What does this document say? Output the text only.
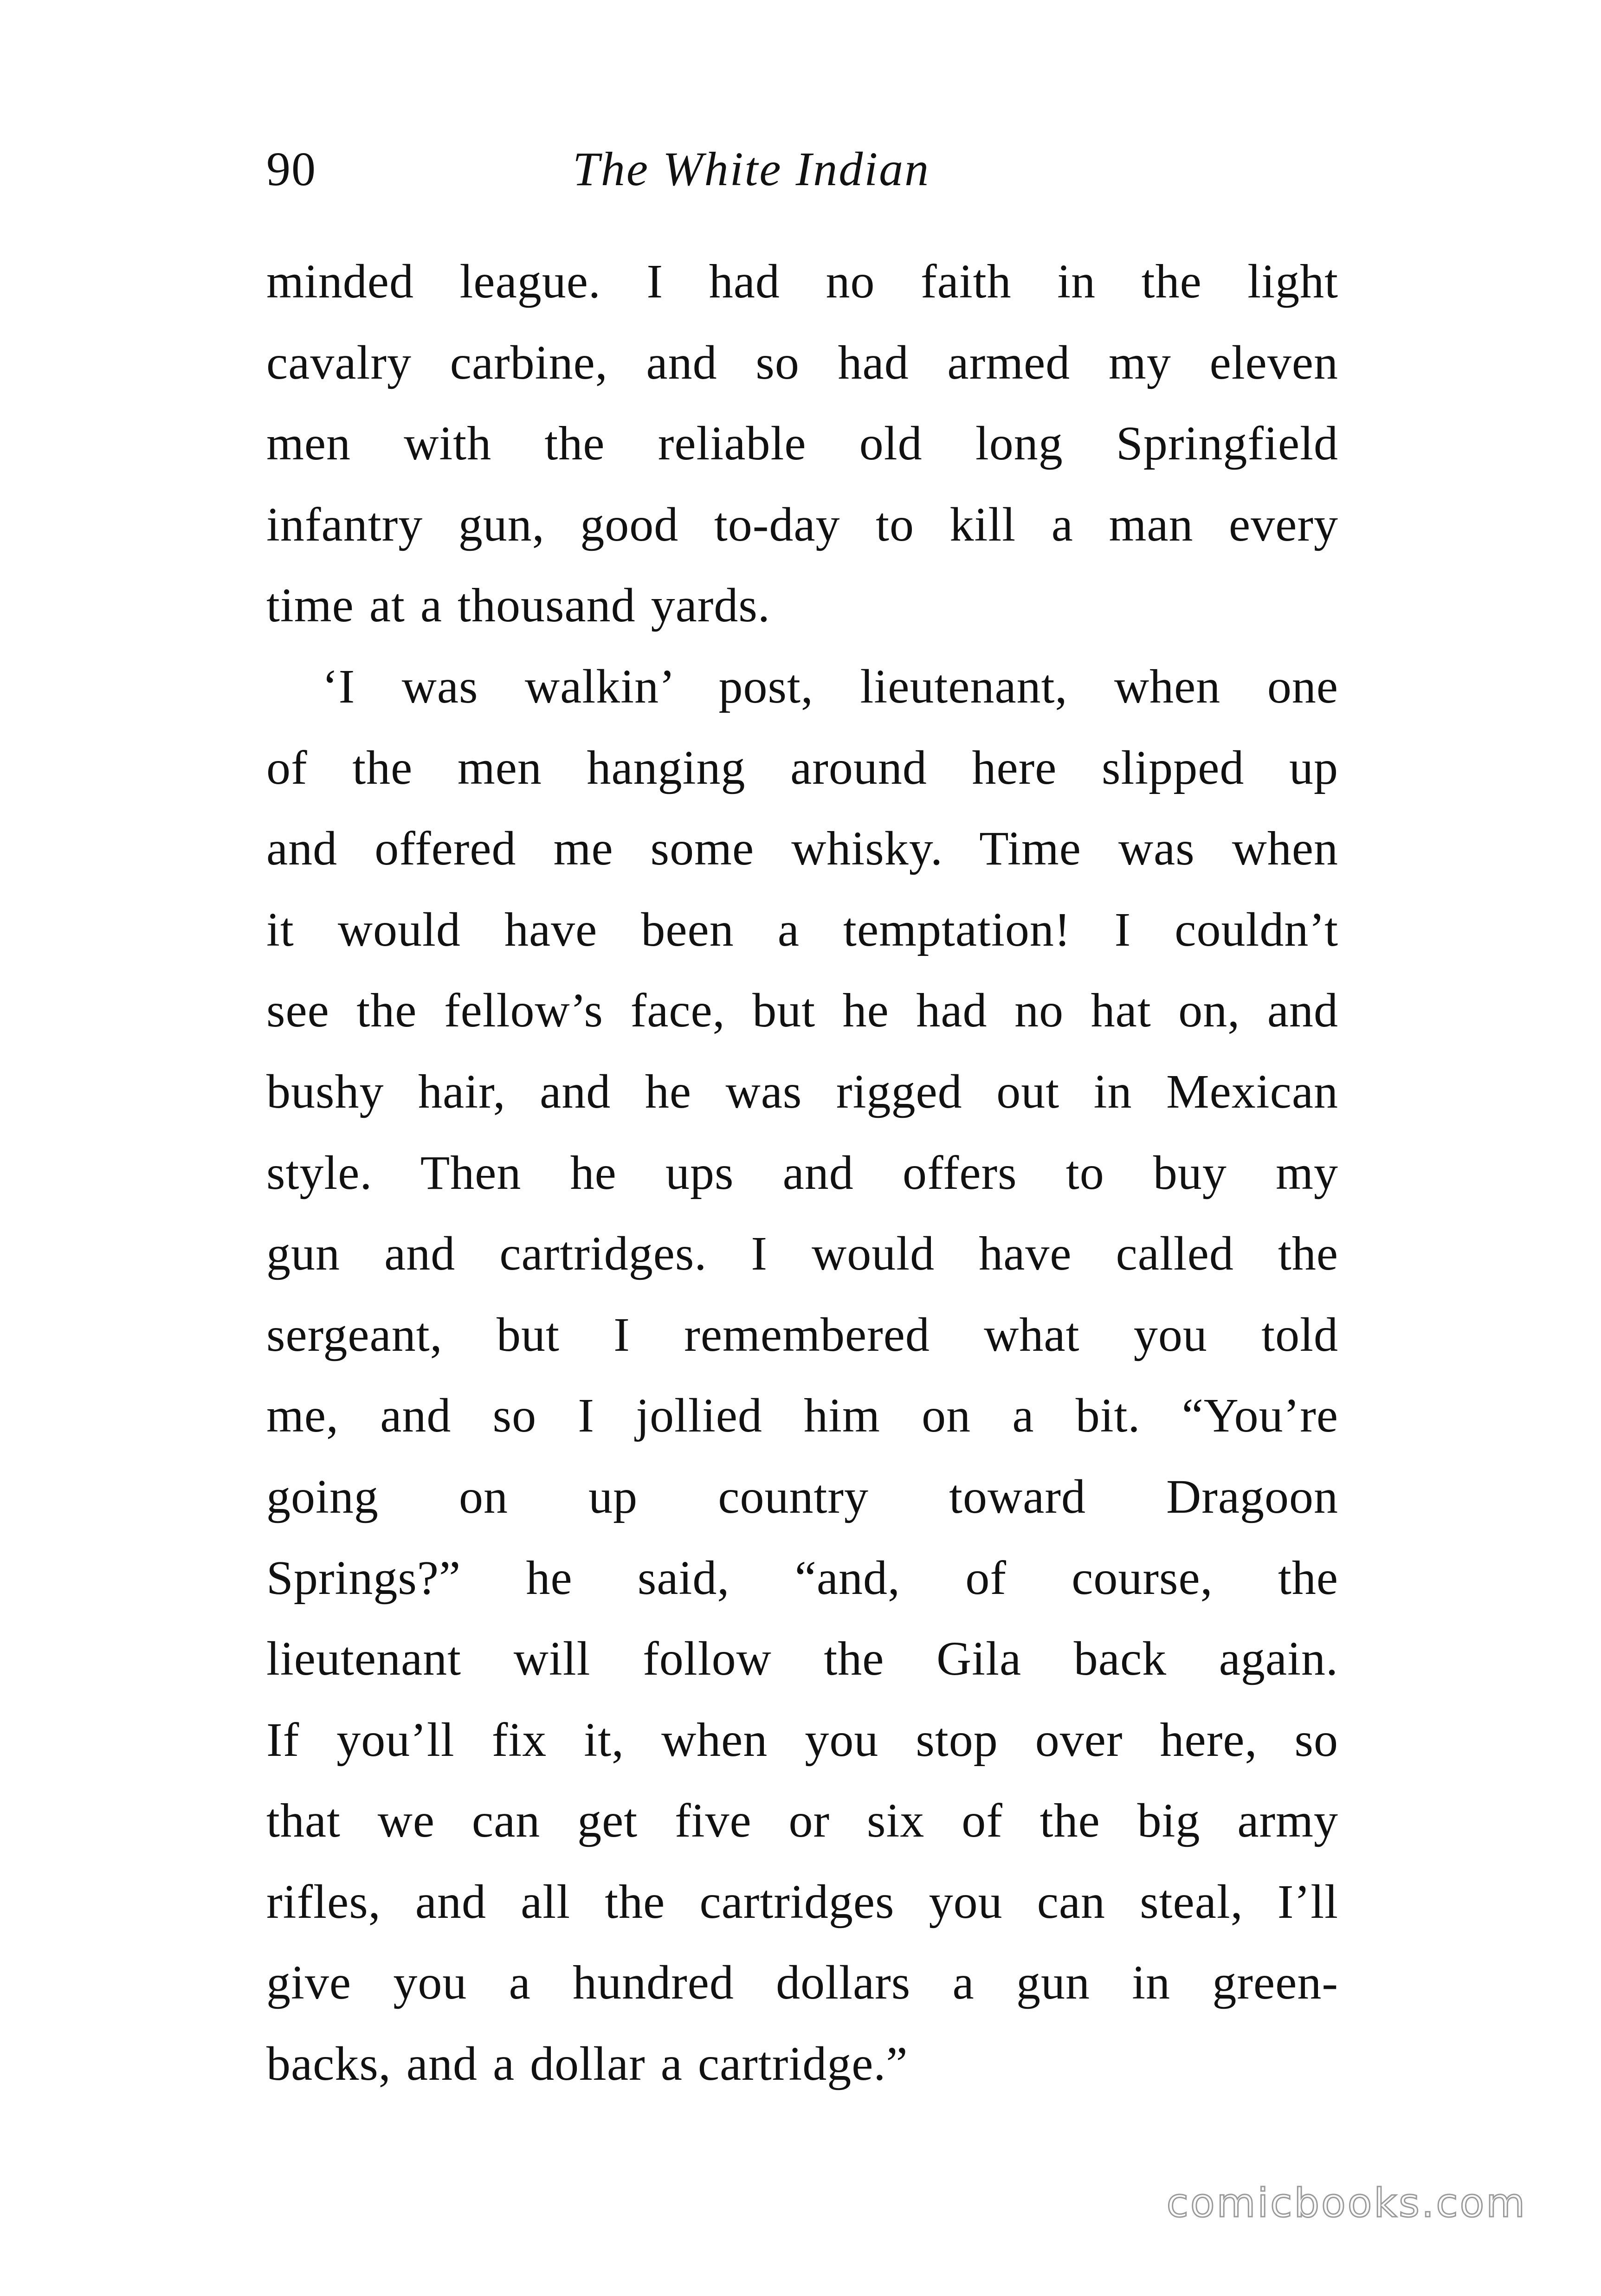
90	The White Indian
minded league. I had no faith in the light
cavalry carbine, and so had armed my eleven
men with the reliable old long Springfield
infantry gun, good to-day to kill a man every
time at a thousand yards.
‘I was walkin’ post, lieutenant, when one
of the men hanging around here slipped up
and offered me some whisky. Time was when
it would have been a temptation! I couldn’t
see the fellow’s face, but he had no hat on, and
bushy hair, and he was rigged out in Mexican
style. Then he ups and offers to buy my
gun and cartridges. I would have called the
sergeant, but I remembered what you told
me, and so I jollied him on a bit. “You’re
going on up country toward Dragoon
Springs?” he said, “and, of course, the
lieutenant will follow the Gila back again.
If you’ll fix it, when you stop over here, so
that we can get five or six of the big army
rifles, and all the cartridges you can steal, I’ll
give you a hundred dollars a gun in green-
backs, and a dollar a cartridge.”
comicbooks.com
